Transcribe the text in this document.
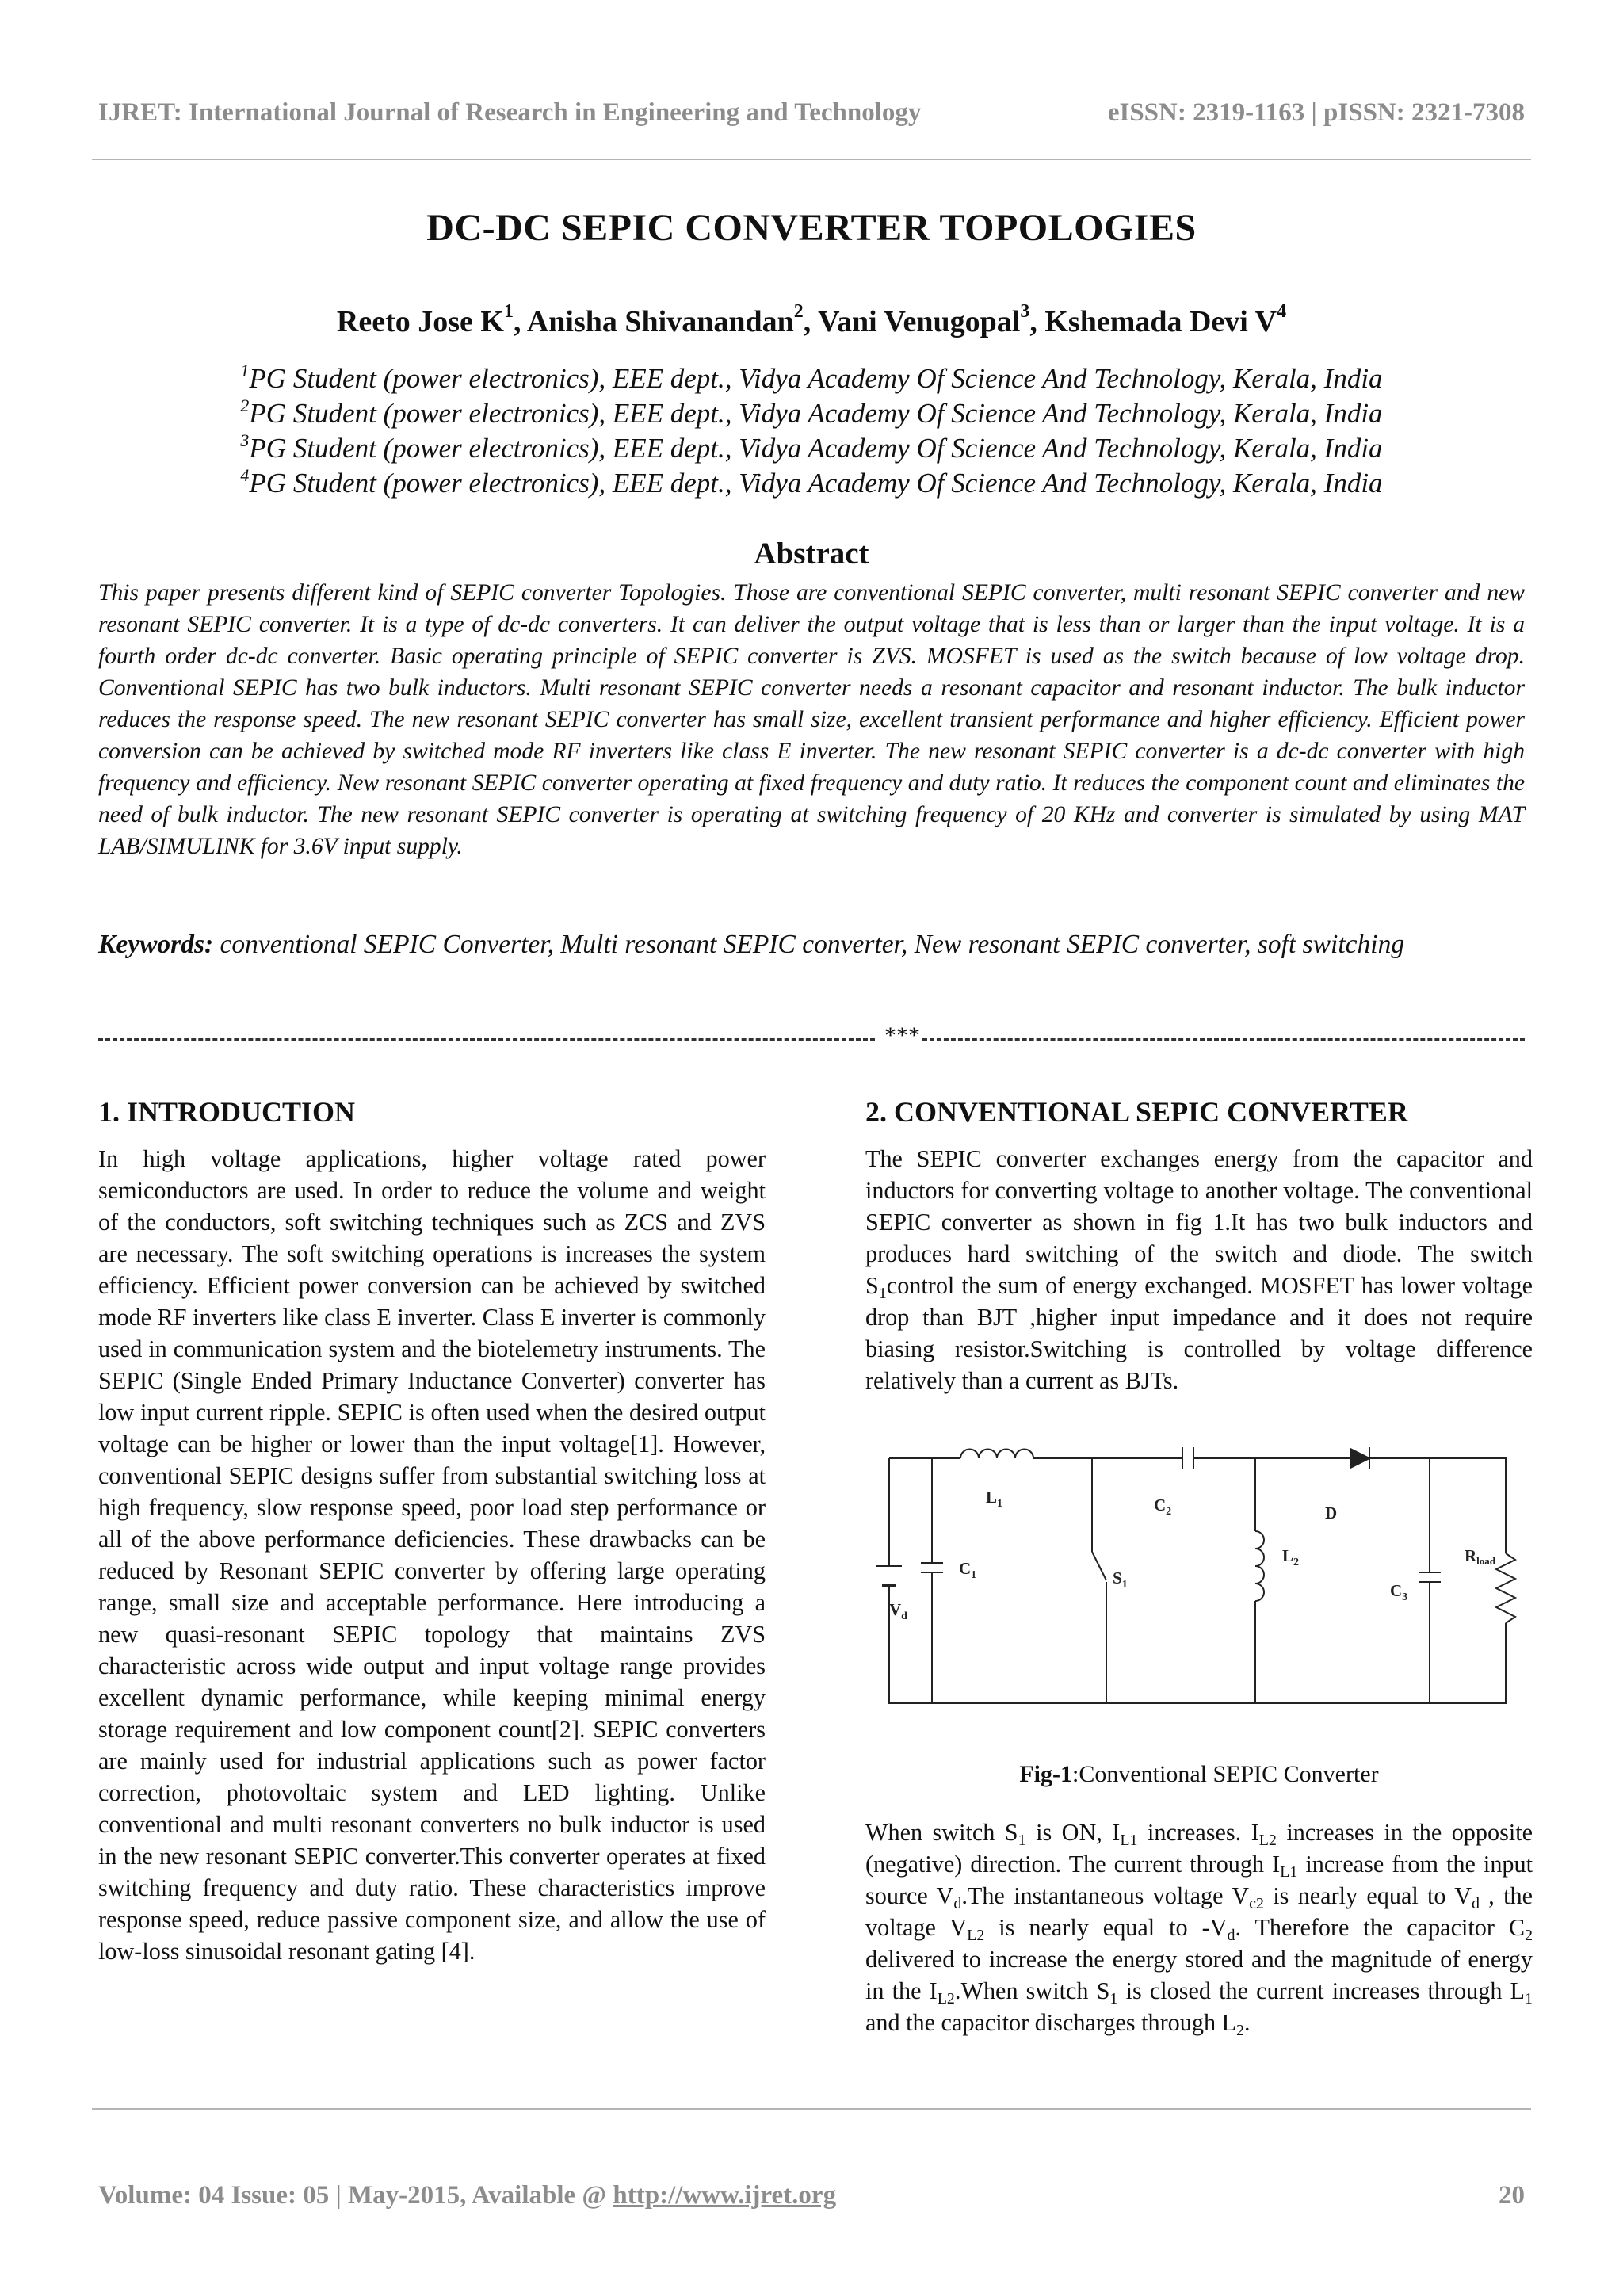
IJRET: International Journal of Research in Engineering and Technology	eISSN: 2319-1163 | pISSN: 2321-7308
DC-DC SEPIC CONVERTER TOPOLOGIES
Reeto Jose $K^1$, Anisha Shivanandan$^2$, Vani Venugopal$^3$, Kshemada Devi $V^4$
$^1$PG Student (power electronics), EEE dept., Vidya Academy Of Science And Technology, Kerala, India
$^2$PG Student (power electronics), EEE dept., Vidya Academy Of Science And Technology, Kerala, India
$^3$PG Student (power electronics), EEE dept., Vidya Academy Of Science And Technology, Kerala, India
$^4$PG Student (power electronics), EEE dept., Vidya Academy Of Science And Technology, Kerala, India
Abstract
This paper presents different kind of SEPIC converter Topologies. Those are conventional SEPIC converter, multi resonant SEPIC converter and new resonant SEPIC converter. It is a type of dc-dc converters. It can deliver the output voltage that is less than or larger than the input voltage. It is a fourth order dc-dc converter. Basic operating principle of SEPIC converter is ZVS. MOSFET is used as the switch because of low voltage drop. Conventional SEPIC has two bulk inductors. Multi resonant SEPIC converter needs a resonant capacitor and resonant inductor. The bulk inductor reduces the response speed. The new resonant SEPIC converter has small size, excellent transient performance and higher efficiency. Efficient power conversion can be achieved by switched mode RF inverters like class E inverter. The new resonant SEPIC converter is a dc-dc converter with high frequency and efficiency. New resonant SEPIC converter operating at fixed frequency and duty ratio. It reduces the component count and eliminates the need of bulk inductor. The new resonant SEPIC converter is operating at switching frequency of 20 KHz and converter is simulated by using MAT LAB/SIMULINK for 3.6V input supply.
Keywords: conventional SEPIC Converter, Multi resonant SEPIC converter, New resonant SEPIC converter, soft switching
***
1. INTRODUCTION

In high voltage applications, higher voltage rated power semiconductors are used. In order to reduce the volume and weight of the conductors, soft switching techniques such as ZCS and ZVS are necessary. The soft switching operations is increases the system efficiency. Efficient power conversion can be achieved by switched mode RF inverters like class E inverter. Class E inverter is commonly used in communication system and the biotelemetry instruments. The SEPIC (Single Ended Primary Inductance Converter) converter has low input current ripple. SEPIC is often used when the desired output voltage can be higher or lower than the input voltage[1]. However, conventional SEPIC designs suffer from substantial switching loss at high frequency, slow response speed, poor load step performance or all of the above performance deficiencies. These drawbacks can be reduced by Resonant SEPIC converter by offering large operating range, small size and acceptable performance. Here introducing a new quasi-resonant SEPIC topology that maintains ZVS characteristic across wide output and input voltage range provides excellent dynamic performance, while keeping minimal energy storage requirement and low component count[2]. SEPIC converters are mainly used for industrial applications such as power factor correction, photovoltaic system and LED lighting. Unlike conventional and multi resonant converters no bulk inductor is used in the new resonant SEPIC converter.This converter operates at fixed switching frequency and duty ratio. These characteristics improve response speed, reduce passive component size, and allow the use of low-loss sinusoidal resonant gating [4].

2. CONVENTIONAL SEPIC CONVERTER

The SEPIC converter exchanges energy from the capacitor and inductors for converting voltage to another voltage. The conventional SEPIC converter as shown in fig 1.It has two bulk inductors and produces hard switching of the switch and diode. The switch $S_1control$ the sum of energy exchanged. MOSFET has lower voltage drop than BJT ,higher input impedance and it does not require biasing resistor.Switching is controlled by voltage difference relatively than a current as BJTs.

$L_1$	$C_2$	D
$C_1$	$S_1$
$L_2$	Rload
$C_3$
$V_d$
Fig-1:Conventional SEPIC Converter

When switch $S_1$ is ON, $I_{L1}$ increases. $I_{L2}$ increases in the opposite (negative) direction. The current through $I_{L1}$ increase from the input source $V_d.The$ instantaneous voltage $V_{c2}$ is nearly equal to $V_d$ , the voltage $V_{L2}$ is nearly equal to $-V_d$. Therefore the capacitor $C_2$ delivered to increase the energy stored and the magnitude of energy in the $I_{L2}.When$ switch $S_1$ is closed the current increases through $L_1$ and the capacitor discharges through $L_2$.

Volume: 04 Issue: 05 | May-2015, Available @ http://www.ijret.org	20
